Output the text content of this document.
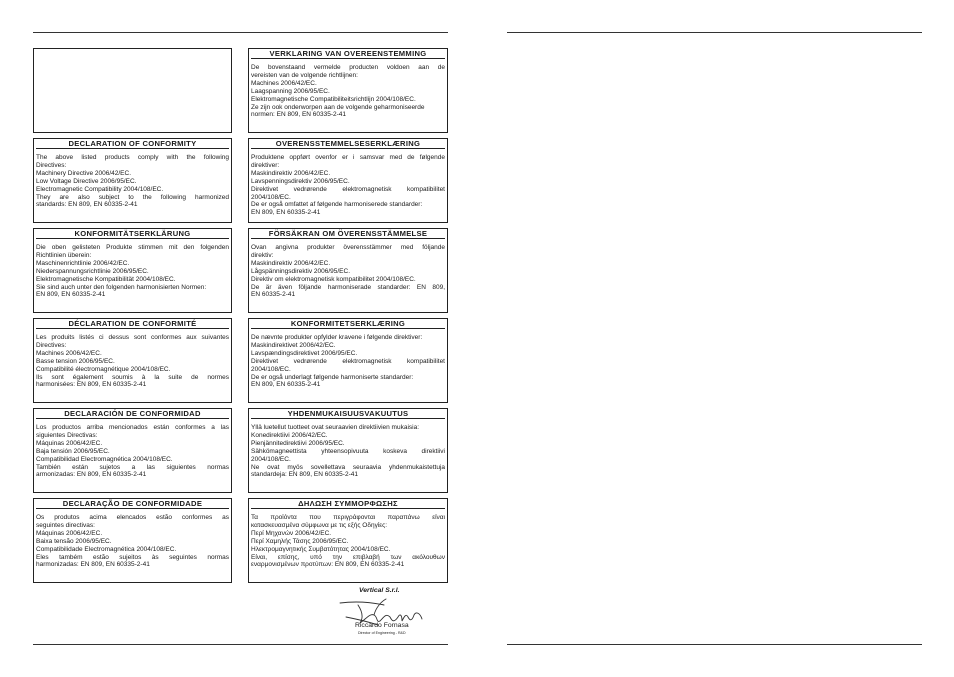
VERKLARING VAN OVEREENSTEMMING
De bovenstaand vermelde producten voldoen aan de
vereisten van de volgende richtlijnen:
Machines 2006/42/EC.
Laagspanning 2006/95/EC.
Elektromagnetische Compatibiliteitsrichtlijn 2004/108/EC.
Ze zijn ook onderworpen aan de volgende geharmoniseerde
normen: EN 809, EN 60335-2-41
DECLARATION OF CONFORMITY
The above listed products comply with the following
Directives:
Machinery Directive 2006/42/EC.
Low Voltage Directive 2006/95/EC.
Electromagnetic Compatibility 2004/108/EC.
They are also subject to the following harmonized
standards: EN 809, EN 60335-2-41
OVERENSSTEMMELSESERKLÆRING
Produktene oppført ovenfor er i samsvar med de følgende
direktiver:
Maskindirektiv 2006/42/EC.
Lavspenningsdirektiv 2006/95/EC.
Direktivet vedrørende elektromagnetisk kompatibilitet
2004/108/EC.
De er også omfattet af følgende harmoniserede standarder:
EN 809, EN 60335-2-41
KONFORMITÄTSERKLÄRUNG
Die oben gelisteten Produkte stimmen mit den folgenden
Richtlinien überein:
Maschinenrichtlinie 2006/42/EC.
Niederspannungsrichtlinie 2006/95/EC.
Elektromagnetische Kompatibilität 2004/108/EC.
Sie sind auch unter den folgenden harmonisierten Normen:
EN 809, EN 60335-2-41
FÖRSÄKRAN OM ÖVERENSSTÄMMELSE
Ovan angivna produkter överensstämmer med följande
direktiv:
Maskindirektiv 2006/42/EC.
Lågspänningsdirektiv 2006/95/EC.
Direktiv om elektromagnetisk kompatibilitet 2004/108/EC.
De är även följande harmoniserade standarder: EN 809,
EN 60335-2-41
DÉCLARATION DE CONFORMITÉ
Les produits listés ci dessus sont conformes aux suivantes
Directives:
Machines 2006/42/EC.
Basse tension 2006/95/EC.
Compatibilité électromagnétique 2004/108/EC.
Ils sont également soumis à la suite de normes
harmonisées: EN 809, EN 60335-2-41
KONFORMITETSERKLÆRING
De nævnte produkter opfylder kravene i følgende direktiver:
Maskindirektivet 2006/42/EC.
Lavspændingsdirektivet 2006/95/EC.
Direktivet vedrørende elektromagnetisk kompatibilitet
2004/108/EC.
De er også underlagt følgende harmoniserte standarder:
EN 809, EN 60335-2-41
DECLARACIÓN DE CONFORMIDAD
Los productos arriba mencionados están conformes a las
siguientes Directivas:
Máquinas 2006/42/EC.
Baja tensión 2006/95/EC.
Compatibilidad Electromagnética 2004/108/EC.
También están sujetos a las siguientes normas
armonizadas: EN 809, EN 60335-2-41
YHDENMUKAISUUSVAKUUTUS
Yllä luetellut tuotteet ovat seuraavien direktiivien mukaisia:
Konedirektiivi 2006/42/EC.
Pienjännitedirektiivi 2006/95/EC.
Sähkömagneettista yhteensopivuuta koskeva direktiivi
2004/108/EC.
Ne ovat myös sovellettava seuraavia yhdenmukaistettuja
standardeja: EN 809, EN 60335-2-41
DECLARAÇÃO DE CONFORMIDADE
Os produtos acima elencados estão conformes as
seguintes directivas:
Máquinas 2006/42/EC.
Baixa tensão 2006/95/EC.
Compatibilidade Electromagnética 2004/108/EC.
Eles também estão sujeitos às seguintes normas
harmonizadas: EN 809, EN 60335-2-41
ΔΗΛΩΣΗ ΣΥΜΜΟΡΦΩΣΗΣ
Τα προϊόντα που περιγράφονται παραπάνω είναι
κατασκευασμένα σύμφωνα με τις εξής Οδηγίες:
Περί Μηχανών 2006/42/EC.
Περί Χαμηλής Τάσης 2006/95/EC.
Ηλεκτρομαγνητικής Συμβατότητας 2004/108/EC.
Είναι, επίσης, υπό την επιβλαβή των ακόλουθων
εναρμονισμένων προτύπων: EN 809, EN 60335-2-41
Vertical S.r.l.
Riccardo Fornasa
Director of Engineering - R&D
